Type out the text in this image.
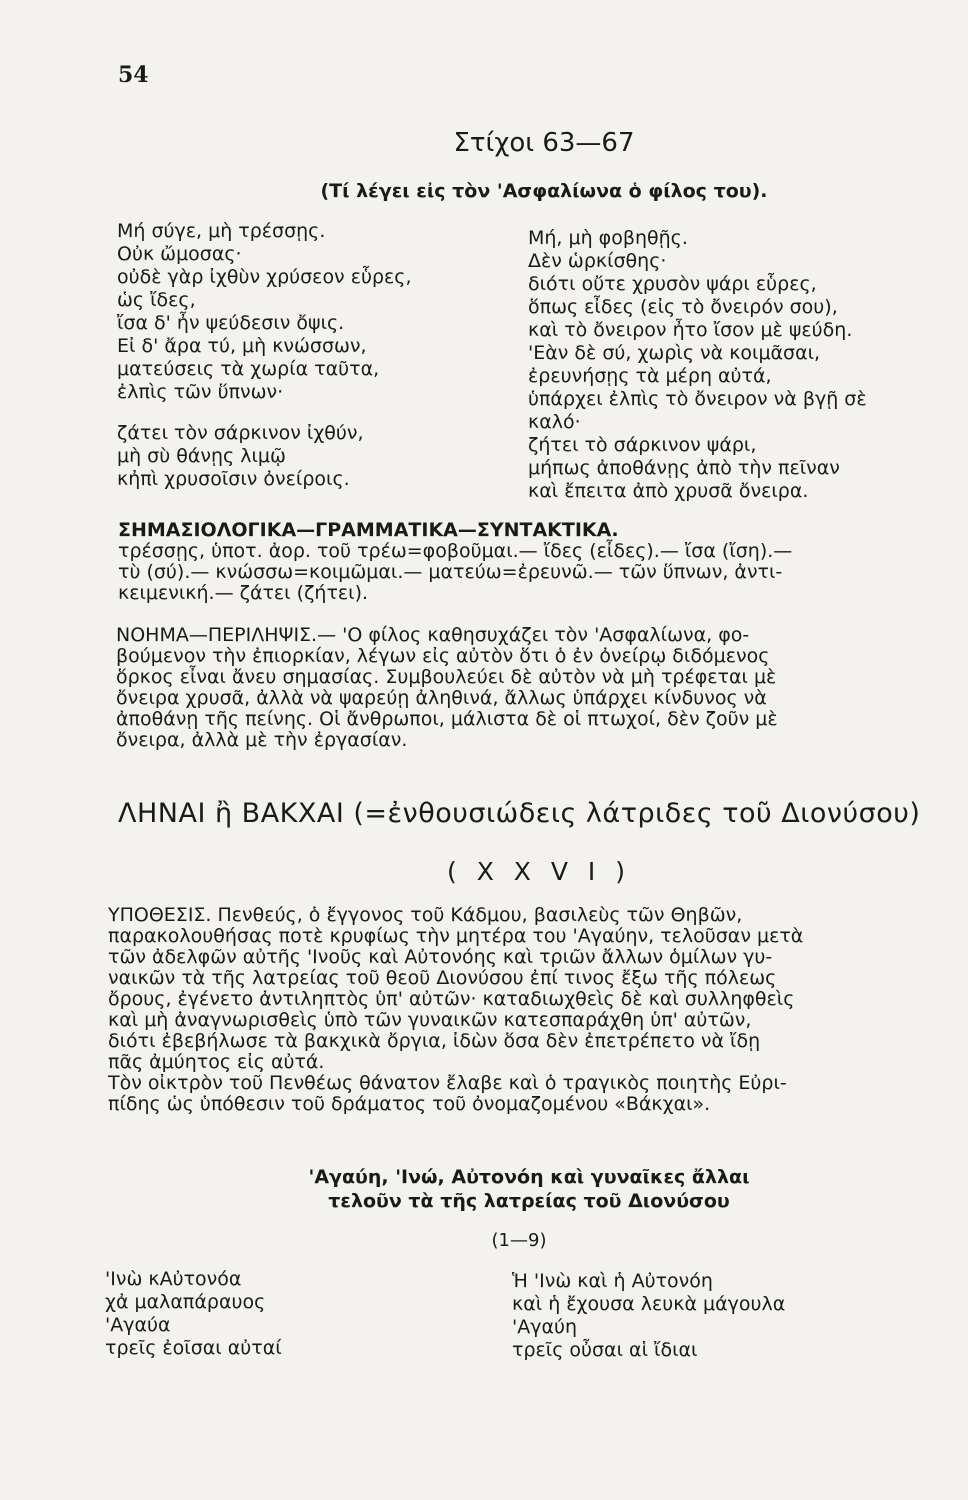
54
Στίχοι 63—67
(Τί λέγει εἰς τὸν 'Ασφαλίωνα ὁ φίλος του).
Μή σύγε, μὴ τρέσσῃς.
Οὐκ ὤμοσας·
οὐδὲ γὰρ ἰχθὺν χρύσεον εὗρες,
ὡς ἴδες,
ἴσα δ' ἦν ψεύδεσιν ὄψις.
Εἰ δ' ἄρα τύ, μὴ κνώσσων,
ματεύσεις τὰ χωρία ταῦτα,
ἐλπὶς τῶν ὕπνων·
ζάτει τὸν σάρκινον ἰχθύν,
μὴ σὺ θάνῃς λιμῷ
κἠπὶ χρυσοῖσιν ὀνείροις.
Μή, μὴ φοβηθῇς.
Δὲν ὡρκίσθης·
διότι οὔτε χρυσὸν ψάρι εὗρες,
ὅπως εἶδες (εἰς τὸ ὄνειρόν σου),
καὶ τὸ ὄνειρον ἦτο ἴσον μὲ ψεύδη.
'Εὰν δὲ σύ, χωρὶς νὰ κοιμᾶσαι,
ἐρευνήσῃς τὰ μέρη αὐτά,
ὑπάρχει ἐλπὶς τὸ ὄνειρον νὰ βγῇ σὲ
καλό·
ζήτει τὸ σάρκινον ψάρι,
μήπως ἀποθάνῃς ἀπὸ τὴν πεῖναν
καὶ ἔπειτα ἀπὸ χρυσᾶ ὄνειρα.
ΣΗΜΑΣΙΟΛΟΓΙΚΑ—ΓΡΑΜΜΑΤΙΚΑ—ΣΥΝΤΑΚΤΙΚΑ.
τρέσσῃς, ὑποτ. ἀορ. τοῦ τρέω=φοβοῦμαι.— ἴδες (εἶδες).— ἴσα (ἴση).—
τὺ (σύ).— κνώσσω=κοιμῶμαι.— ματεύω=ἐρευνῶ.— τῶν ὕπνων, ἀντι-
κειμενική.— ζάτει (ζήτει).
ΝΟΗΜΑ—ΠΕΡΙΛΗΨΙΣ.— 'Ο φίλος καθησυχάζει τὸν 'Ασφαλίωνα, φο-
βούμενον τὴν ἐπιορκίαν, λέγων εἰς αὐτὸν ὅτι ὁ ἐν ὀνείρῳ διδόμενος
ὅρκος εἶναι ἄνευ σημασίας. Συμβουλεύει δὲ αὐτὸν νὰ μὴ τρέφεται μὲ
ὄνειρα χρυσᾶ, ἀλλὰ νὰ ψαρεύῃ ἀληθινά, ἄλλως ὑπάρχει κίνδυνος νὰ
ἀποθάνῃ τῆς πείνης. Οἱ ἄνθρωποι, μάλιστα δὲ οἱ πτωχοί, δὲν ζοῦν μὲ
ὄνειρα, ἀλλὰ μὲ τὴν ἐργασίαν.
ΛΗΝΑΙ ἢ ΒΑΚΧΑΙ (=ἐνθουσιώδεις λάτριδες τοῦ Διονύσου)
( X X V I )
ΥΠΟΘΕΣΙΣ. Πενθεύς, ὁ ἔγγονος τοῦ Κάδμου, βασιλεὺς τῶν Θηβῶν,
παρακολουθήσας ποτὲ κρυφίως τὴν μητέρα του 'Αγαύην, τελοῦσαν μετὰ
τῶν ἀδελφῶν αὐτῆς 'Ινοῦς καὶ Αὐτονόης καὶ τριῶν ἄλλων ὁμίλων γυ-
ναικῶν τὰ τῆς λατρείας τοῦ θεοῦ Διονύσου ἐπί τινος ἔξω τῆς πόλεως
ὄρους, ἐγένετο ἀντιληπτὸς ὑπ' αὐτῶν· καταδιωχθεὶς δὲ καὶ συλληφθεὶς
καὶ μὴ ἀναγνωρισθεὶς ὑπὸ τῶν γυναικῶν κατεσπαράχθη ὑπ' αὐτῶν,
διότι ἐβεβήλωσε τὰ βακχικὰ ὄργια, ἰδὼν ὅσα δὲν ἐπετρέπετο νὰ ἴδῃ
πᾶς ἀμύητος εἰς αὐτά.
Τὸν οἰκτρὸν τοῦ Πενθέως θάνατον ἔλαβε καὶ ὁ τραγικὸς ποιητὴς Εὐρι-
πίδης ὡς ὑπόθεσιν τοῦ δράματος τοῦ ὀνομαζομένου «Βάκχαι».
'Αγαύη, 'Ινώ, Αὐτονόη καὶ γυναῖκες ἄλλαι
τελοῦν τὰ τῆς λατρείας τοῦ Διονύσου
(1—9)
'Ινὼ κΑὐτονόα
χἀ μαλαπάραυος
'Αγαύα
τρεῖς ἐοῖσαι αὐταί
Ἡ 'Ινὼ καὶ ἡ Αὐτονόη
καὶ ἡ ἔχουσα λευκὰ μάγουλα
'Αγαύη
τρεῖς οὖσαι αἱ ἴδιαι
